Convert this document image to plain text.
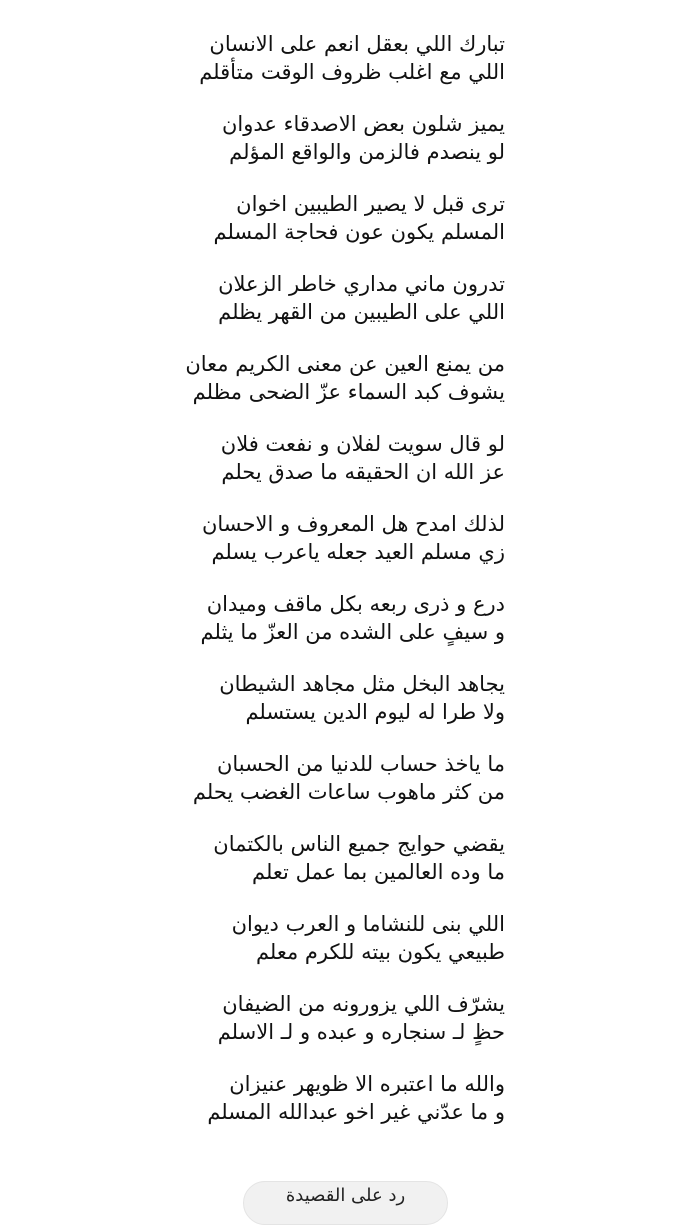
تبارك اللي بعقل انعم على الانسان
اللي مع اغلب ظروف الوقت متأقلم
يميز شلون بعض الاصدقاء عدوان
لو ينصدم فالزمن والواقع المؤلم
ترى قبل لا يصير الطيبين اخوان
المسلم يكون عون فحاجة المسلم
تدرون ماني مداري خاطر الزعلان
اللي على الطيبين من القهر يظلم
من يمنع العين عن معنى الكريم معان
يشوف كبد السماء عزّ الضحى مظلم
لو قال سويت لفلان و نفعت فلان
عز الله ان الحقيقه ما صدق يحلم
لذلك امدح هل المعروف و الاحسان
زي مسلم العيد جعله ياعرب يسلم
درع و ذرى ربعه بكل ماقف وميدان
و سيفٍ على الشده من العزّ ما يثلم
يجاهد البخل مثل مجاهد الشيطان
ولا طرا له ليوم الدين يستسلم
ما ياخذ حساب للدنيا من الحسبان
من كثر ماهوب ساعات الغضب يحلم
يقضي حوايج جميع الناس بالكتمان
ما وده العالمين بما عمل تعلم
اللي بنى للنشاما و العرب ديوان
طبيعي يكون بيته للكرم معلم
يشرّف اللي يزورونه من الضيفان
حظٍ لـ سنجاره و عبده و لـ الاسلم
والله ما اعتبره الا ظويهر عنيزان
و ما عدّني غير اخو عبدالله المسلم
رد على القصيدة
